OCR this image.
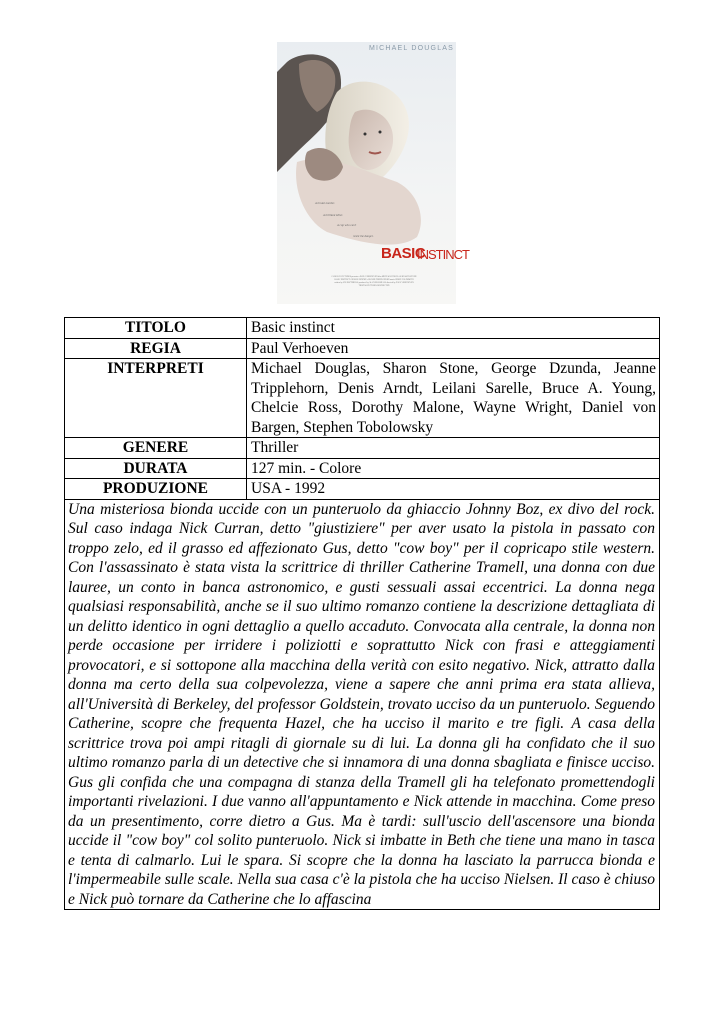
MICHAEL DOUGLAS
A brutal murder.
A brilliant killer.
A cop who can't
resist the danger.
BASIC
INSTINCT
CAROLCO PICTURES presents a PAUL VERHOEVEN film MICHAEL DOUGLAS SHARON STONE
BASIC INSTINCT GEORGE DZUNDA JEANNE TRIPPLEHORN music JERRY GOLDSMITH
written by JOE ESZTERHAS produced by ALAN MARSHALL directed by PAUL VERHOEVEN
TRISTAR PICTURES RESTRICTED
TITOLO	Basic instinct
REGIA	Paul Verhoeven
INTERPRETI	Michael Douglas, Sharon Stone, George Dzunda, Jeanne Tripplehorn, Denis Arndt, Leilani Sarelle, Bruce A. Young, Chelcie Ross, Dorothy Malone, Wayne Wright, Daniel von Bargen, Stephen Tobolowsky
GENERE	Thriller
DURATA	127 min. - Colore
PRODUZIONE	USA - 1992
Una misteriosa bionda uccide con un punteruolo da ghiaccio Johnny Boz, ex divo del rock. Sul caso indaga Nick Curran, detto "giustiziere" per aver usato la pistola in passato con troppo zelo, ed il grasso ed affezionato Gus, detto "cow boy" per il copricapo stile western. Con l'assassinato è stata vista la scrittrice di thriller Catherine Tramell, una donna con due lauree, un conto in banca astronomico, e gusti sessuali assai eccentrici. La donna nega qualsiasi responsabilità, anche se il suo ultimo romanzo contiene la descrizione dettagliata di un delitto identico in ogni dettaglio a quello accaduto. Convocata alla centrale, la donna non perde occasione per irridere i poliziotti e soprattutto Nick con frasi e atteggiamenti provocatori, e si sottopone alla macchina della verità con esito negativo. Nick, attratto dalla donna ma certo della sua colpevolezza, viene a sapere che anni prima era stata allieva, all'Università di Berkeley, del professor Goldstein, trovato ucciso da un punteruolo. Seguendo Catherine, scopre che frequenta Hazel, che ha ucciso il marito e tre figli. A casa della scrittrice trova poi ampi ritagli di giornale su di lui. La donna gli ha confidato che il suo ultimo romanzo parla di un detective che si innamora di una donna sbagliata e finisce ucciso. Gus gli confida che una compagna di stanza della Tramell gli ha telefonato promettendogli importanti rivelazioni. I due vanno all'appuntamento e Nick attende in macchina. Come preso da un presentimento, corre dietro a Gus. Ma è tardi: sull'uscio dell'ascensore una bionda uccide il "cow boy" col solito punteruolo. Nick si imbatte in Beth che tiene una mano in tasca e tenta di calmarlo. Lui le spara. Si scopre che la donna ha lasciato la parrucca bionda e l'impermeabile sulle scale. Nella sua casa c'è la pistola che ha ucciso Nielsen. Il caso è chiuso e Nick può tornare da Catherine che lo affascina	
